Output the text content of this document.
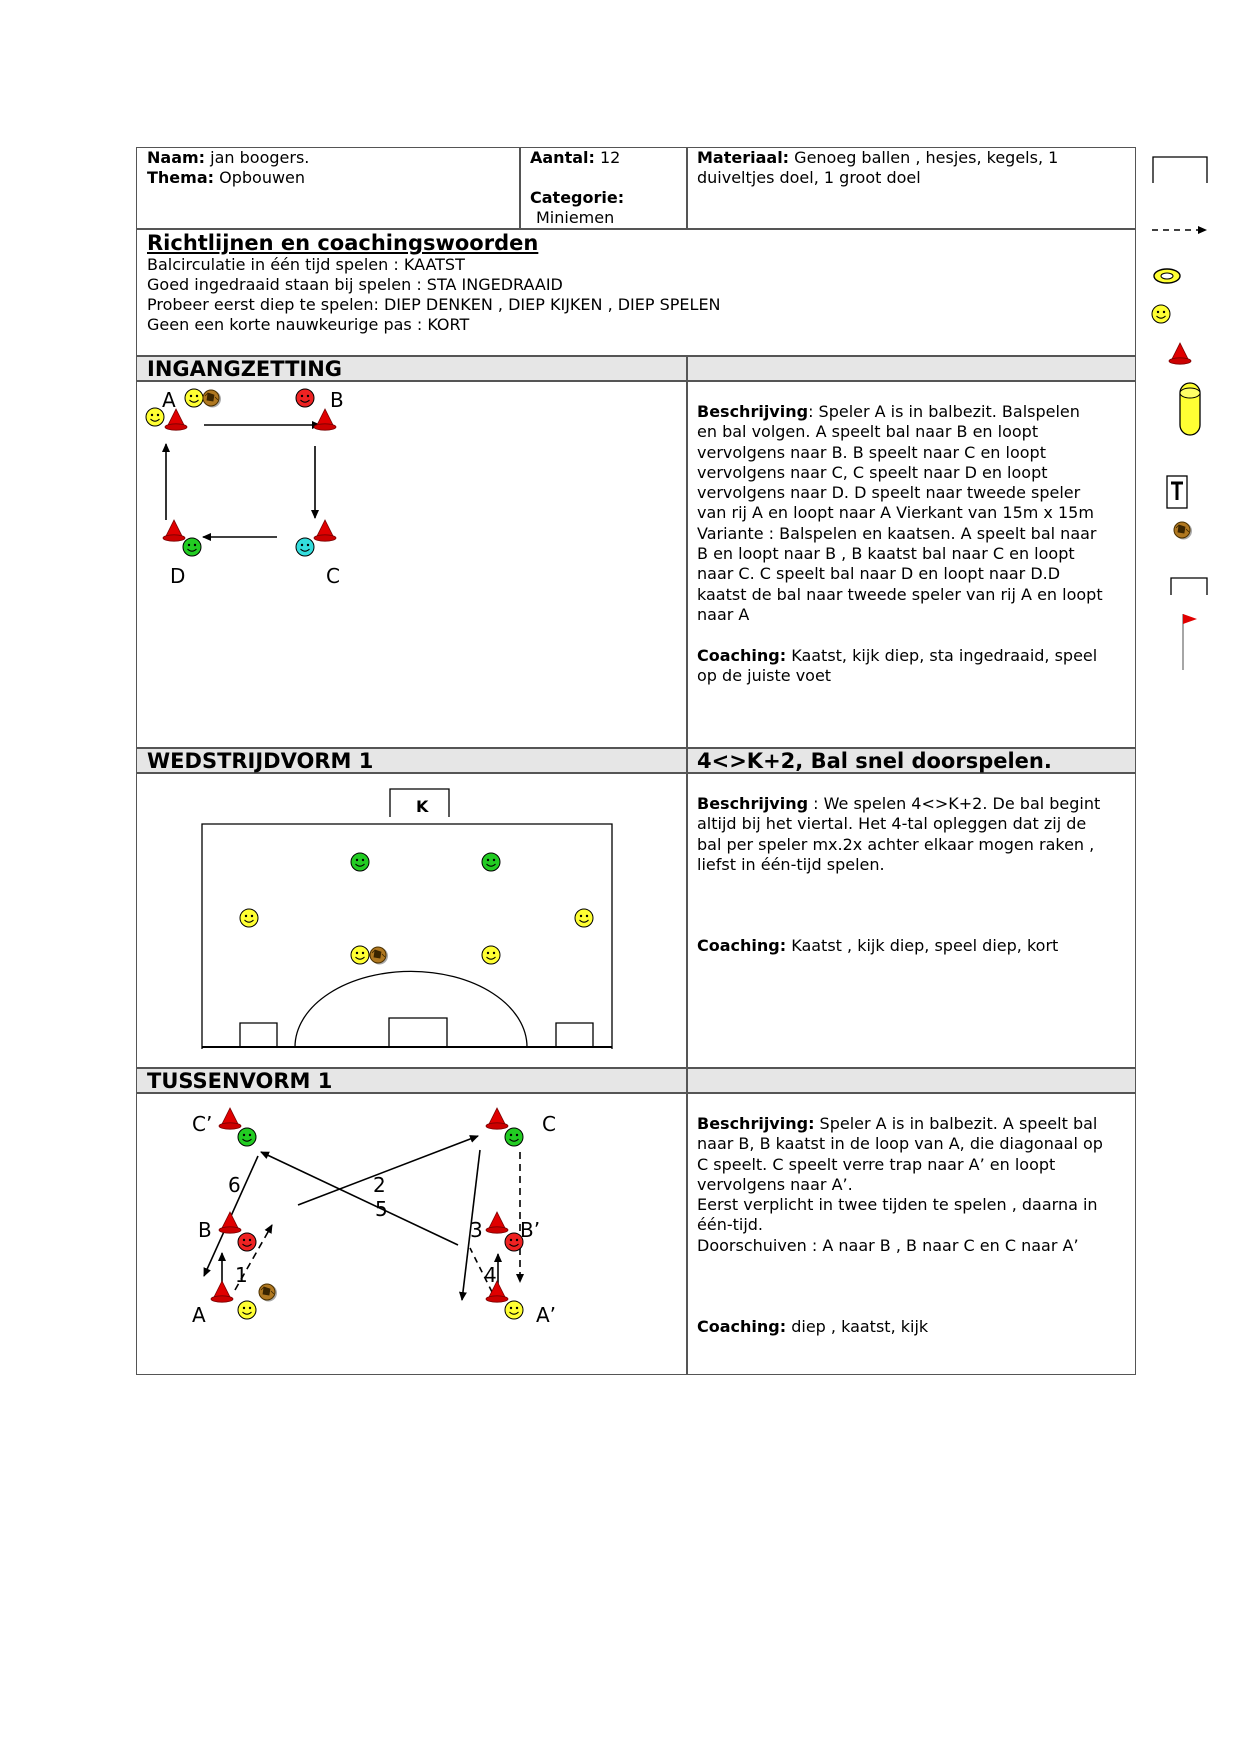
Naam: jan boogers.
Thema: Opbouwen
Aantal: 12
Categorie:
Miniemen
Materiaal: Genoeg ballen , hesjes, kegels, 1
duiveltjes doel, 1 groot doel
Richtlijnen en coachingswoorden
Balcirculatie in één tijd spelen : KAATST
Goed ingedraaid staan bij spelen : STA INGEDRAAID
Probeer eerst diep te spelen: DIEP DENKEN , DIEP KIJKEN , DIEP SPELEN
Geen een korte nauwkeurige pas : KORT
INGANGZETTING
Beschrijving: Speler A is in balbezit. Balspelen
en bal volgen. A speelt bal naar B en loopt
vervolgens naar B. B speelt naar C en loopt
vervolgens naar C, C speelt naar D en loopt
vervolgens naar D. D speelt naar tweede speler
van rij A en loopt naar A Vierkant van 15m x 15m
Variante : Balspelen en kaatsen. A speelt bal naar
B en loopt naar B , B kaatst bal naar C en loopt
naar C. C speelt bal naar D en loopt naar D.D
kaatst de bal naar tweede speler van rij A en loopt
naar A

Coaching: Kaatst, kijk diep, sta ingedraaid, speel
op de juiste voet
A	B
D	C
WEDSTRIJDVORM 1	4<>K+2, Bal snel doorspelen.
Beschrijving : We spelen 4<>K+2. De bal begint
altijd bij het viertal. Het 4-tal opleggen dat zij de
bal per speler mx.2x achter elkaar mogen raken ,
liefst in één-tijd spelen.

Coaching: Kaatst , kijk diep, speel diep, kort
K
TUSSENVORM 1
Beschrijving: Speler A is in balbezit. A speelt bal
naar B, B kaatst in de loop van A, die diagonaal op
C speelt. C speelt verre trap naar A’ en loopt
vervolgens naar A’.
Eerst verplicht in twee tijden te spelen , daarna in
één-tijd.
Doorschuiven : A naar B , B naar C en C naar A’

Coaching: diep , kaatst, kijk
C’	C
B	B’
A	A’
1
2
5
6
3
4
